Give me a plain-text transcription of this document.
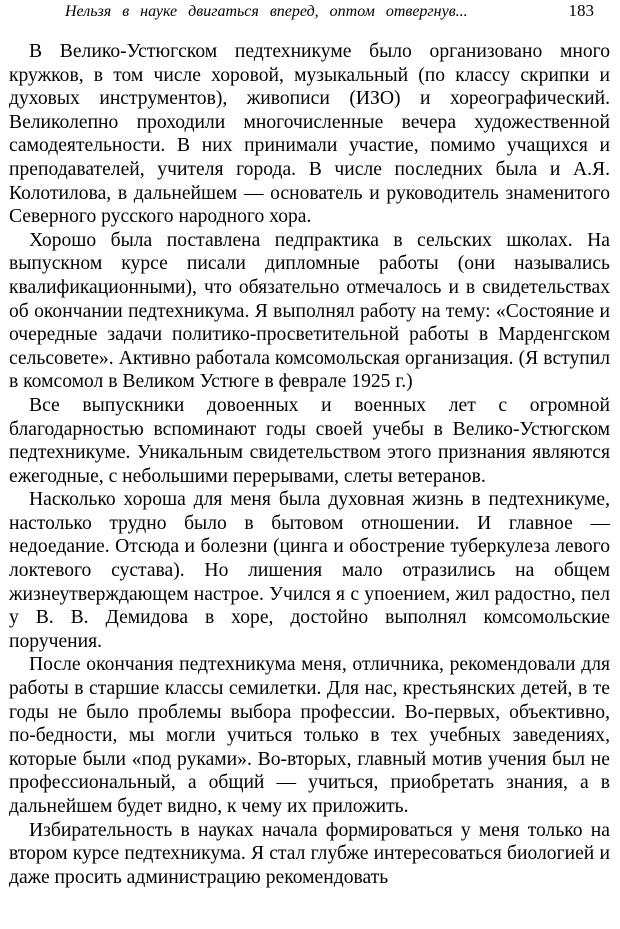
Нельзя в науке двигаться вперед, оптом отвергнув...	183

В Велико-Устюгском педтехникуме было организовано много кружков, в том числе хоровой, музыкальный (по классу скрипки и духовых инструментов), живописи (ИЗО) и хореографический. Великолепно проходили многочисленные вечера художественной самодеятельности. В них принимали участие, помимо учащихся и преподавателей, учителя города. В числе последних была и А.Я. Колотилова, в дальнейшем — основатель и руководитель знаменитого Северного русского народного хора.

Хорошо была поставлена педпрактика в сельских школах. На выпускном курсе писали дипломные работы (они назывались квалификационными), что обязательно отмечалось и в свидетельствах об окончании педтехникума. Я выполнял работу на тему: «Состояние и очередные задачи политико-просветительной работы в Марденгском сельсовете». Активно работала комсомольская организация. (Я вступил в комсомол в Великом Устюге в феврале 1925 г.)

Все выпускники довоенных и военных лет с огромной благодарностью вспоминают годы своей учебы в Велико-Устюгском педтехникуме. Уникальным свидетельством этого признания являются ежегодные, с небольшими перерывами, слеты ветеранов.

Насколько хороша для меня была духовная жизнь в педтехникуме, настолько трудно было в бытовом отношении. И главное — недоедание. Отсюда и болезни (цинга и обострение туберкулеза левого локтевого сустава). Но лишения мало отразились на общем жизнеутверждающем настрое. Учился я с упоением, жил радостно, пел у В. В. Демидова в хоре, достойно выполнял комсомольские поручения.

После окончания педтехникума меня, отличника, рекомендовали для работы в старшие классы семилетки. Для нас, крестьянских детей, в те годы не было проблемы выбора профессии. Во-первых, объективно, по-бедности, мы могли учиться только в тех учебных заведениях, которые были «под руками». Во-вторых, главный мотив учения был не профессиональный, а общий — учиться, приобретать знания, а в дальнейшем будет видно, к чему их приложить.

Избирательность в науках начала формироваться у меня только на втором курсе педтехникума. Я стал глубже интересоваться биологией и даже просить администрацию рекомендовать
